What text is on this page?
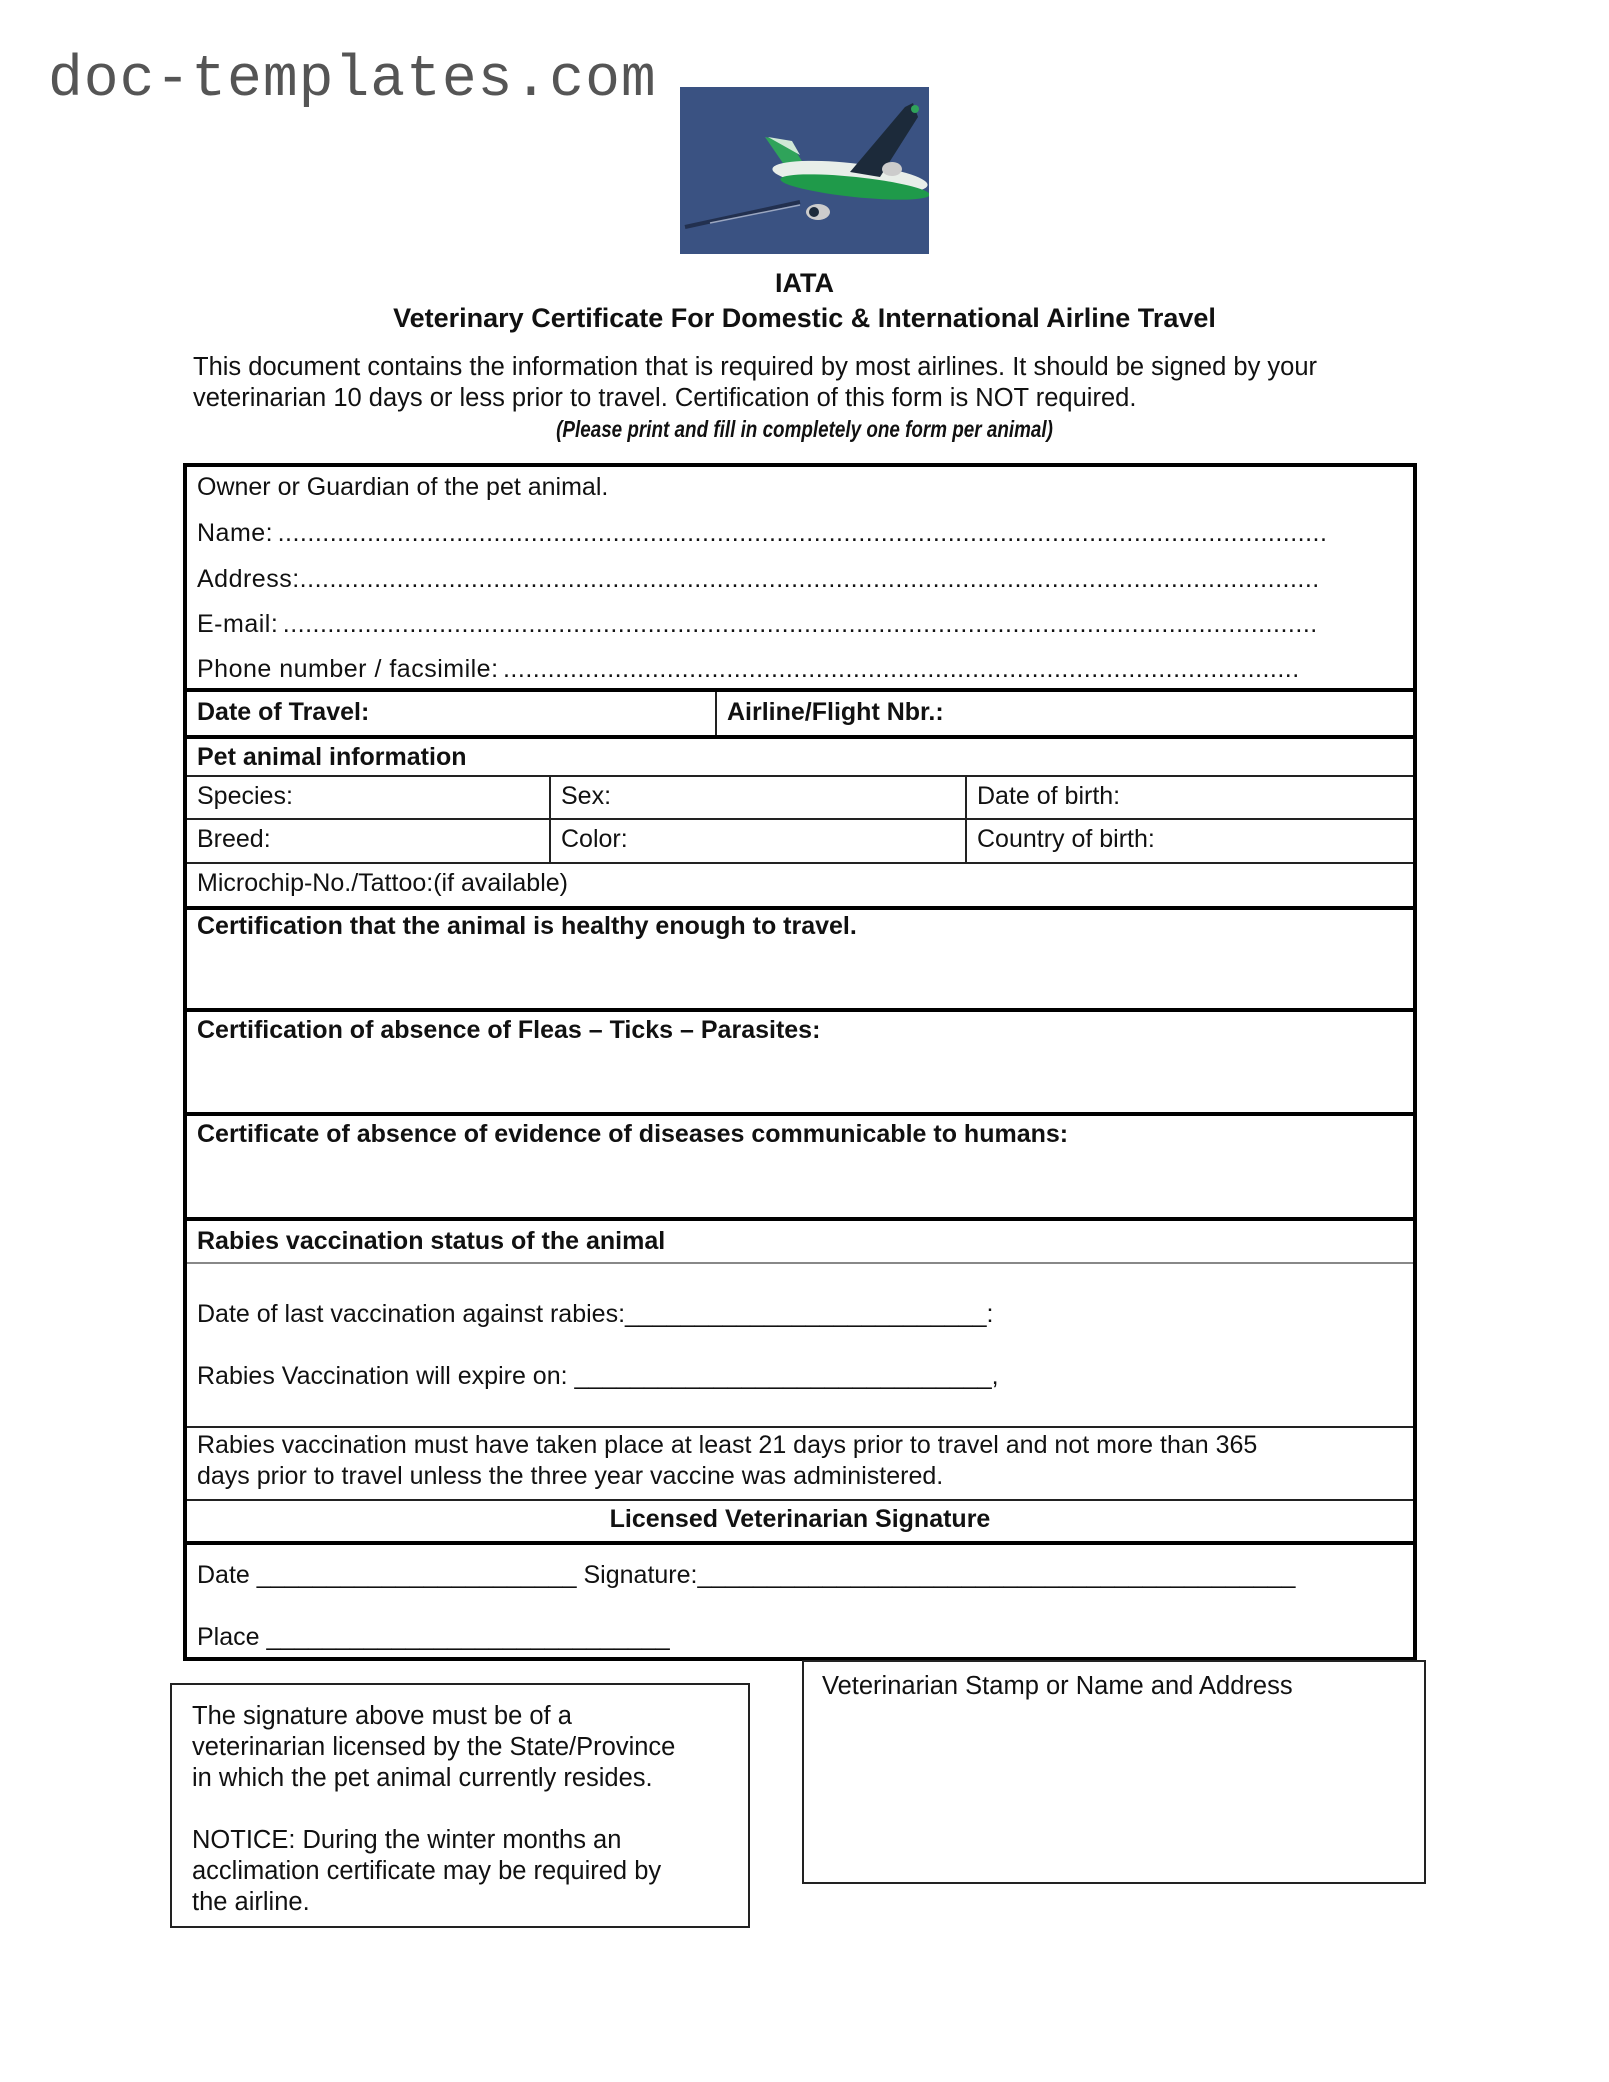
doc-templates.com
IATA
Veterinary Certificate For Domestic & International Airline Travel
This document contains the information that is required by most airlines. It should be signed by your
veterinarian 10 days or less prior to travel. Certification of this form is NOT required.
(Please print and fill in completely one form per animal)
Owner or Guardian of the pet animal.
Name: .............................................................................................................................................
Address:.........................................................................................................................................
E-mail: ...........................................................................................................................................
Phone number / facsimile: ...........................................................................................................
Date of Travel:	Airline/Flight Nbr.:
Pet animal information
Species:	Sex:	Date of birth:
Breed:	Color:	Country of birth:
Microchip-No./Tattoo:(if available)
Certification that the animal is healthy enough to travel.
Certification of absence of Fleas – Ticks – Parasites:
Certificate of absence of evidence of diseases communicable to humans:
Rabies vaccination status of the animal
Date of last vaccination against rabies:__________________________:
Rabies Vaccination will expire on: ______________________________,
Rabies vaccination must have taken place at least 21 days prior to travel and not more than 365
days prior to travel unless the three year vaccine was administered.
Licensed Veterinarian Signature
Date _______________________ Signature:___________________________________________
Place _____________________________
The signature above must be of a
veterinarian licensed by the State/Province
in which the pet animal currently resides.
NOTICE: During the winter months an
acclimation certificate may be required by
the airline.
Veterinarian Stamp or Name and Address
